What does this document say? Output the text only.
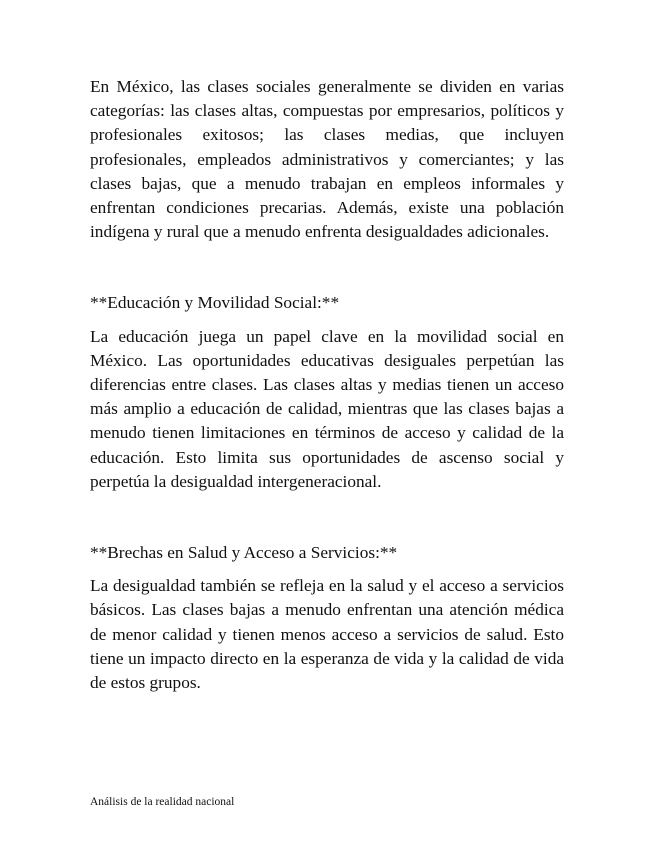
En México, las clases sociales generalmente se dividen en varias categorías: las clases altas, compuestas por empresarios, políticos y profesionales exitosos; las clases medias, que incluyen profesionales, empleados administrativos y comerciantes; y las clases bajas, que a menudo trabajan en empleos informales y enfrentan condiciones precarias. Además, existe una población indígena y rural que a menudo enfrenta desigualdades adicionales.

**Educación y Movilidad Social:**

La educación juega un papel clave en la movilidad social en México. Las oportunidades educativas desiguales perpetúan las diferencias entre clases. Las clases altas y medias tienen un acceso más amplio a educación de calidad, mientras que las clases bajas a menudo tienen limitaciones en términos de acceso y calidad de la educación. Esto limita sus oportunidades de ascenso social y perpetúa la desigualdad intergeneracional.

**Brechas en Salud y Acceso a Servicios:**

La desigualdad también se refleja en la salud y el acceso a servicios básicos. Las clases bajas a menudo enfrentan una atención médica de menor calidad y tienen menos acceso a servicios de salud. Esto tiene un impacto directo en la esperanza de vida y la calidad de vida de estos grupos.

Análisis de la realidad nacional
